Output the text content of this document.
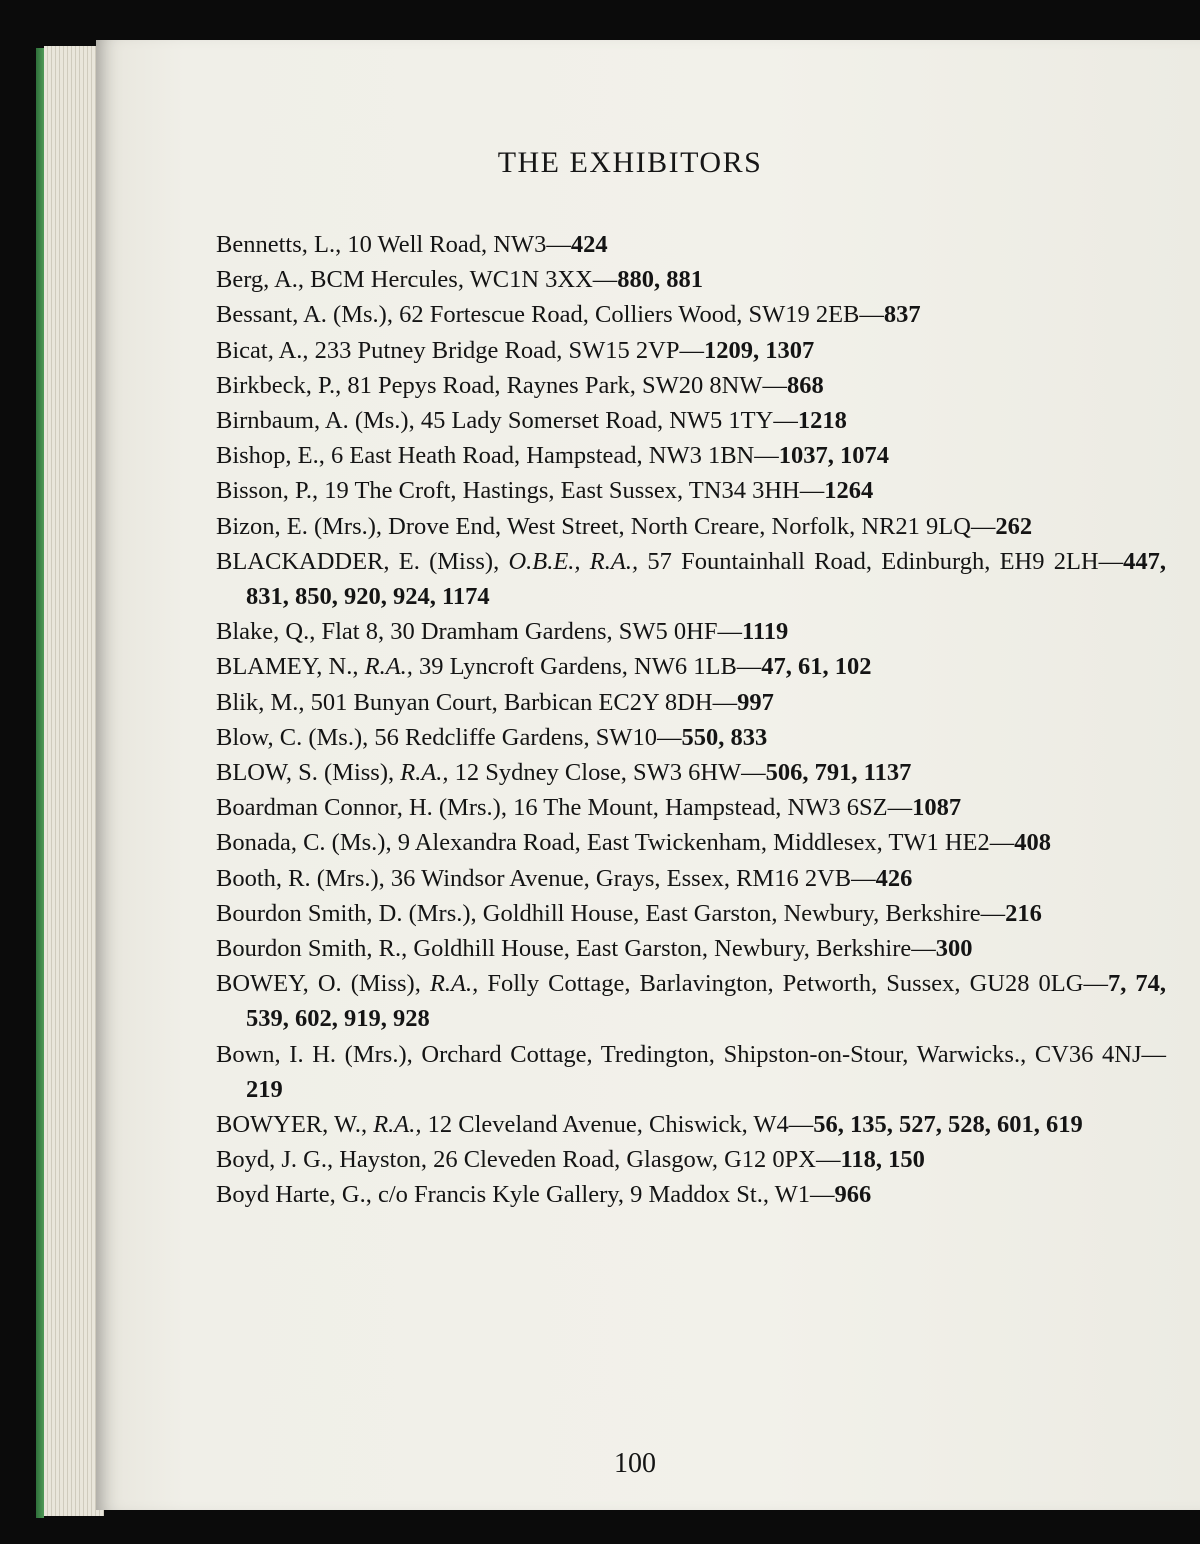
THE EXHIBITORS

Bennetts, L., 10 Well Road, NW3—424

Berg, A., BCM Hercules, WC1N 3XX—880, 881

Bessant, A. (Ms.), 62 Fortescue Road, Colliers Wood, SW19 2EB—837

Bicat, A., 233 Putney Bridge Road, SW15 2VP—1209, 1307

Birkbeck, P., 81 Pepys Road, Raynes Park, SW20 8NW—868

Birnbaum, A. (Ms.), 45 Lady Somerset Road, NW5 1TY—1218

Bishop, E., 6 East Heath Road, Hampstead, NW3 1BN—1037, 1074

Bisson, P., 19 The Croft, Hastings, East Sussex, TN34 3HH—1264

Bizon, E. (Mrs.), Drove End, West Street, North Creare, Norfolk, NR21 9LQ—262

BLACKADDER, E. (Miss), O.B.E., R.A., 57 Fountainhall Road, Edinburgh, EH9 2LH—447, 831, 850, 920, 924, 1174

Blake, Q., Flat 8, 30 Dramham Gardens, SW5 0HF—1119

BLAMEY, N., R.A., 39 Lyncroft Gardens, NW6 1LB—47, 61, 102

Blik, M., 501 Bunyan Court, Barbican EC2Y 8DH—997

Blow, C. (Ms.), 56 Redcliffe Gardens, SW10—550, 833

BLOW, S. (Miss), R.A., 12 Sydney Close, SW3 6HW—506, 791, 1137

Boardman Connor, H. (Mrs.), 16 The Mount, Hampstead, NW3 6SZ—1087

Bonada, C. (Ms.), 9 Alexandra Road, East Twickenham, Middlesex, TW1 HE2—408

Booth, R. (Mrs.), 36 Windsor Avenue, Grays, Essex, RM16 2VB—426

Bourdon Smith, D. (Mrs.), Goldhill House, East Garston, Newbury, Berkshire—216

Bourdon Smith, R., Goldhill House, East Garston, Newbury, Berkshire—300

BOWEY, O. (Miss), R.A., Folly Cottage, Barlavington, Petworth, Sussex, GU28 0LG—7, 74, 539, 602, 919, 928

Bown, I. H. (Mrs.), Orchard Cottage, Tredington, Shipston-on-Stour, Warwicks., CV36 4NJ—219

BOWYER, W., R.A., 12 Cleveland Avenue, Chiswick, W4—56, 135, 527, 528, 601, 619

Boyd, J. G., Hayston, 26 Cleveden Road, Glasgow, G12 0PX—118, 150

Boyd Harte, G., c/o Francis Kyle Gallery, 9 Maddox St., W1—966

100
